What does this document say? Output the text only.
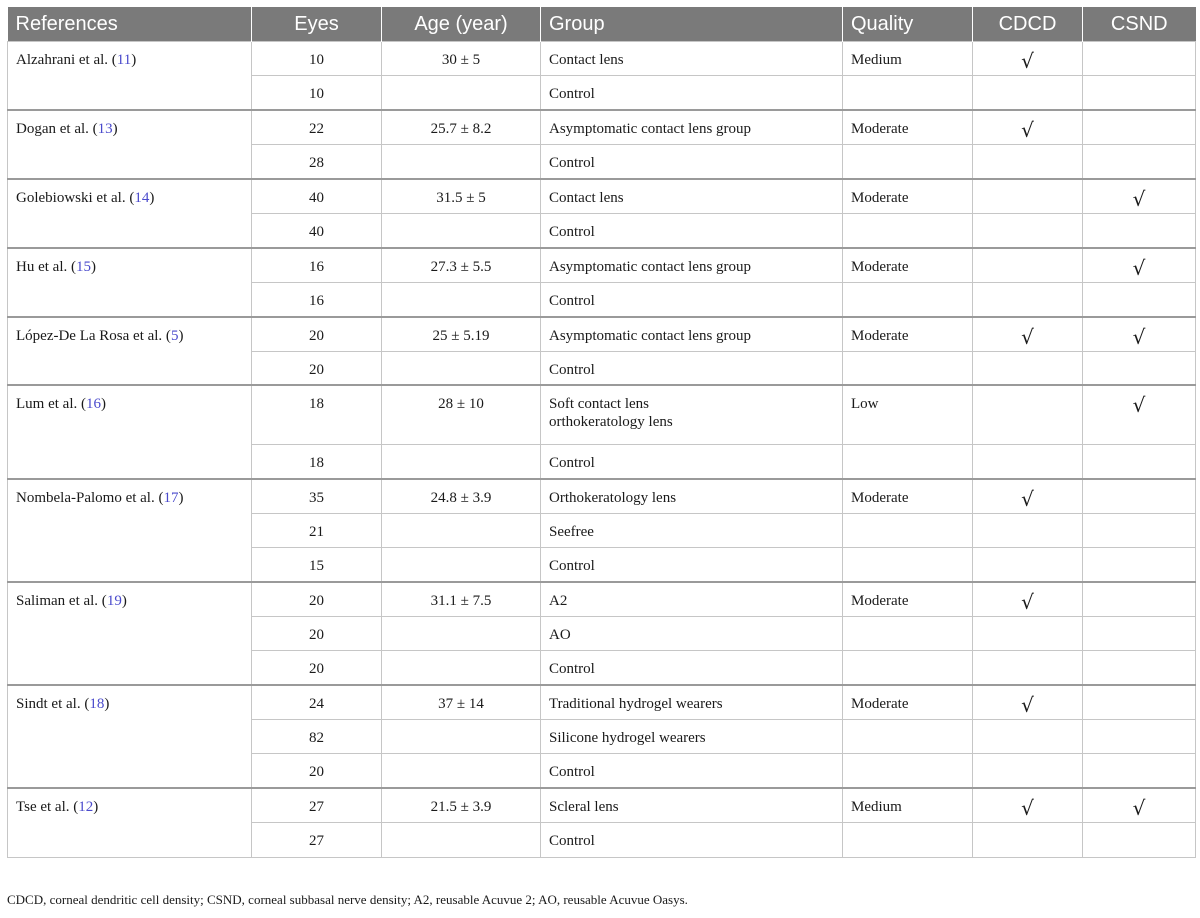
References	Eyes	Age (year)	Group	Quality	CDCD	CSND
Alzahrani et al. (11)	10	30 ± 5	Contact lens	Medium	√	
	10		Control			

Dogan et al. (13)	22	25.7 ± 8.2	Asymptomatic contact lens group	Moderate	√	
	28		Control			

Golebiowski et al. (14)	40	31.5 ± 5	Contact lens	Moderate		√
	40		Control			

Hu et al. (15)	16	27.3 ± 5.5	Asymptomatic contact lens group	Moderate		√
	16		Control			

López-De La Rosa et al. (5)	20	25 ± 5.19	Asymptomatic contact lens group	Moderate	√	√
	20		Control			

Lum et al. (16)	18	28 ± 10	Soft contact lens
orthokeratology lens	Low		√
	18		Control			

Nombela-Palomo et al. (17)	35	24.8 ± 3.9	Orthokeratology lens	Moderate	√	
	21		Seefree			

	15		Control			

Saliman et al. (19)	20	31.1 ± 7.5	A2	Moderate	√	
	20		AO			

	20		Control			

Sindt et al. (18)	24	37 ± 14	Traditional hydrogel wearers	Moderate	√	
	82		Silicone hydrogel wearers			

	20		Control			

Tse et al. (12)	27	21.5 ± 3.9	Scleral lens	Medium	√	√
	27		Control			

CDCD, corneal dendritic cell density; CSND, corneal subbasal nerve density; A2, reusable Acuvue 2; AO, reusable Acuvue Oasys.
